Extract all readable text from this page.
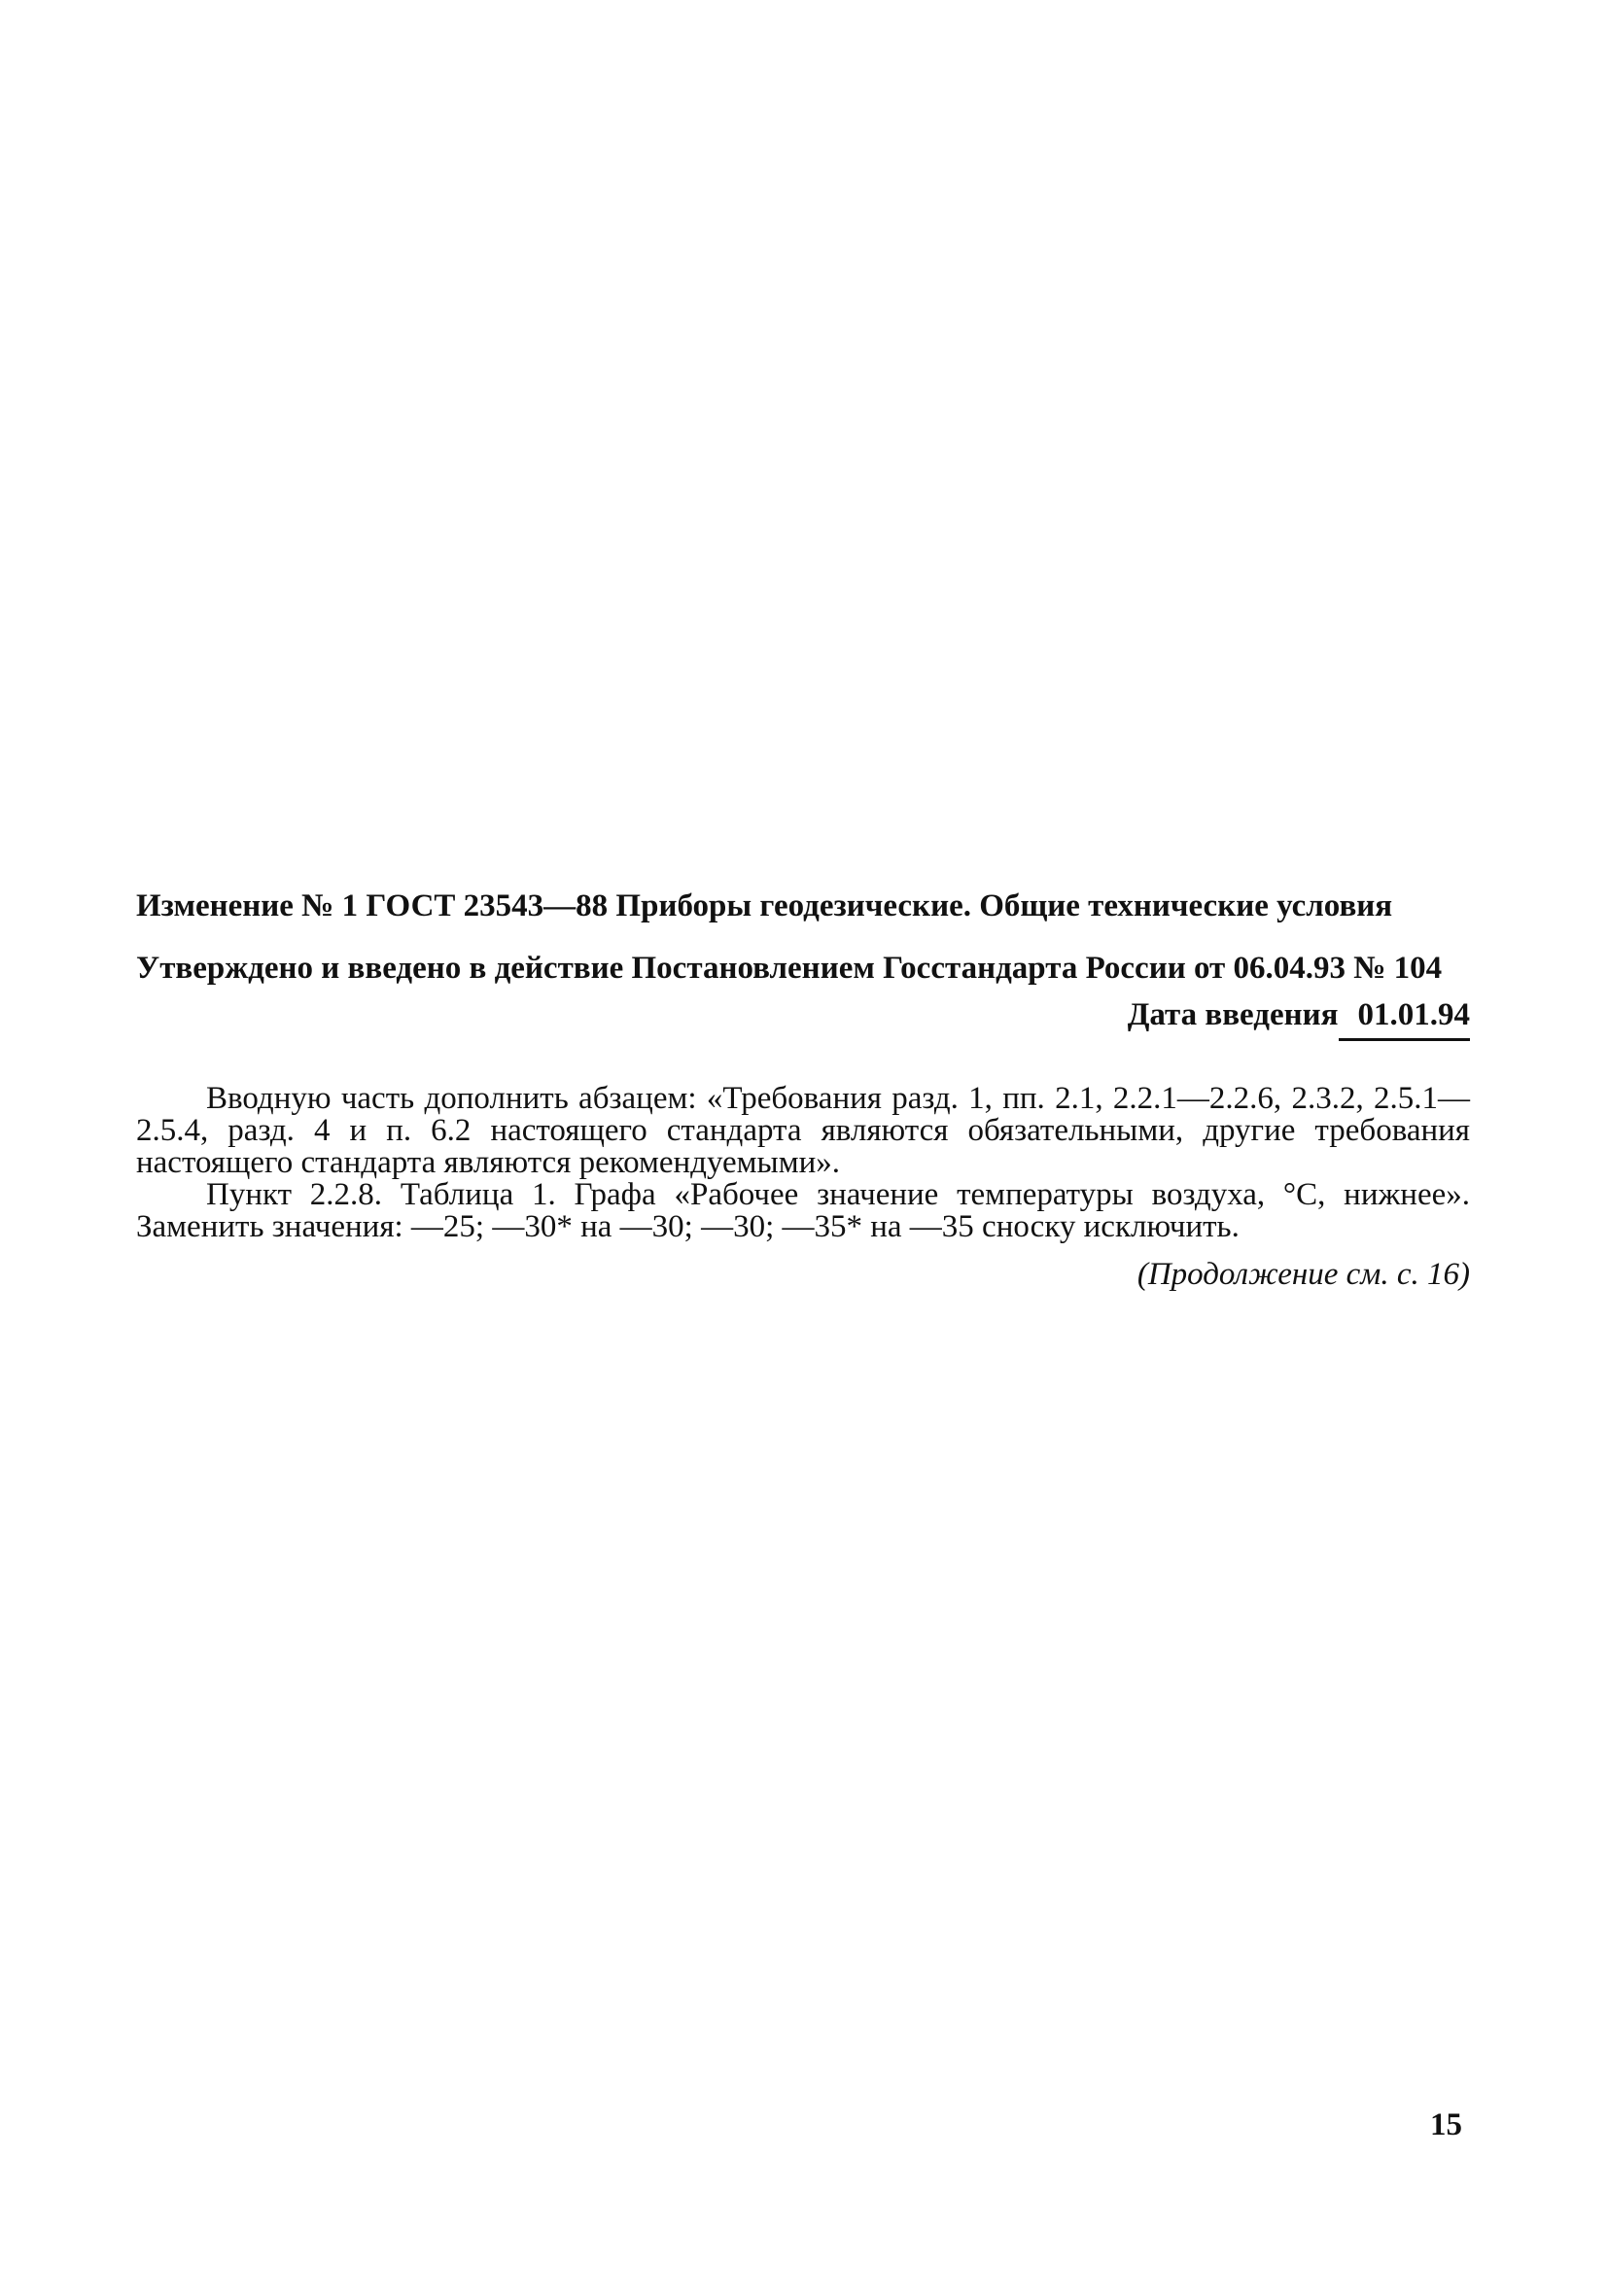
Изменение № 1 ГОСТ 23543—88 Приборы геодезические. Общие технические условия

Утверждено и введено в действие Постановлением Госстандарта России от 06.04.93 № 104

Дата введения 01.01.94

Вводную часть дополнить абзацем: «Требования разд. 1, пп. 2.1, 2.2.1—2.2.6, 2.3.2, 2.5.1—2.5.4, разд. 4 и п. 6.2 настоящего стандарта являются обязательными, другие требования настоящего стандарта являются рекомендуемыми».

Пункт 2.2.8. Таблица 1. Графа «Рабочее значение температуры воздуха, °С, нижнее». Заменить значения: —25; —30* на —30; —30; —35* на —35 сноску исключить.

(Продолжение см. с. 16)
15
